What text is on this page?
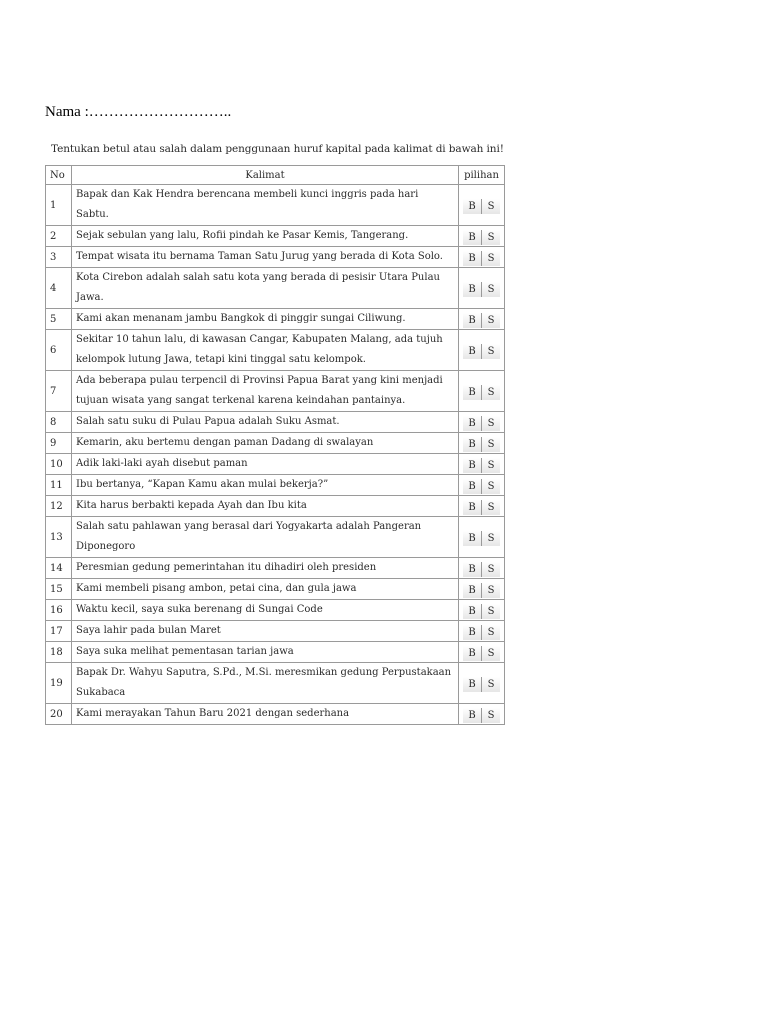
Nama :………………………..
Tentukan betul atau salah dalam penggunaan huruf kapital pada kalimat di bawah ini!
No	Kalimat	pilihan
1	Bapak dan Kak Hendra berencana membeli kunci inggris pada hari Sabtu.	B S

2	Sejak sebulan yang lalu, Rofii pindah ke Pasar Kemis, Tangerang.	B S

3	Tempat wisata itu bernama Taman Satu Jurug yang berada di Kota Solo.	B S

4	Kota Cirebon adalah salah satu kota yang berada di pesisir Utara Pulau Jawa.	B S

5	Kami akan menanam jambu Bangkok di pinggir sungai Ciliwung.	B S

6	Sekitar 10 tahun lalu, di kawasan Cangar, Kabupaten Malang, ada tujuh kelompok lutung Jawa, tetapi kini tinggal satu kelompok.	B S

7	Ada beberapa pulau terpencil di Provinsi Papua Barat yang kini menjadi tujuan wisata yang sangat terkenal karena keindahan pantainya.	B S

8	Salah satu suku di Pulau Papua adalah Suku Asmat.	B S

9	Kemarin, aku bertemu dengan paman Dadang di swalayan	B S

10	Adik laki-laki ayah disebut paman	B S

11	Ibu bertanya, “Kapan Kamu akan mulai bekerja?”	B S

12	Kita harus berbakti kepada Ayah dan Ibu kita	B S

13	Salah satu pahlawan yang berasal dari Yogyakarta adalah Pangeran Diponegoro	B S

14	Peresmian gedung pemerintahan itu dihadiri oleh presiden	B S

15	Kami membeli pisang ambon, petai cina, dan gula jawa	B S

16	Waktu kecil, saya suka berenang di Sungai Code	B S

17	Saya lahir pada bulan Maret	B S

18	Saya suka melihat pementasan tarian jawa	B S

19	Bapak Dr. Wahyu Saputra, S.Pd., M.Si. meresmikan gedung Perpustakaan Sukabaca	B S

20	Kami merayakan Tahun Baru 2021 dengan sederhana	B S
